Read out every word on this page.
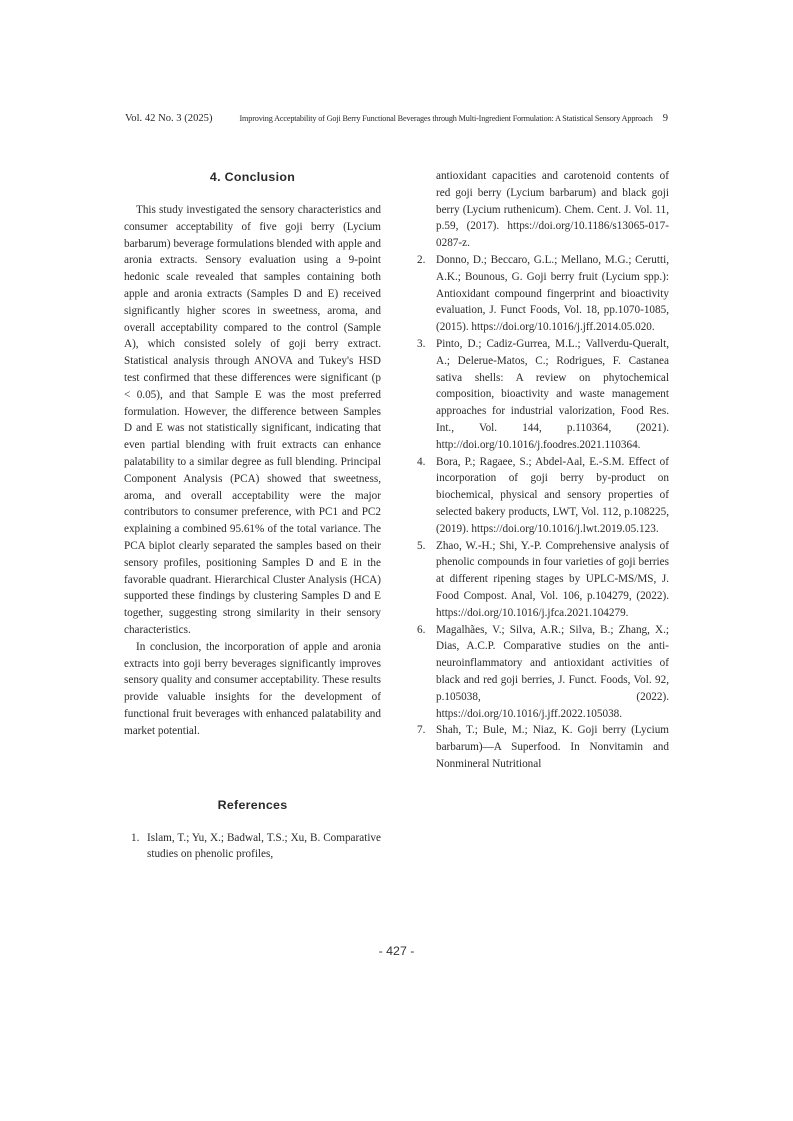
Vol. 42 No. 3 (2025)	Improving Acceptability of Goji Berry Functional Beverages through Multi-Ingredient Formulation: A Statistical Sensory Approach 9
4. Conclusion

This study investigated the sensory characteristics and consumer acceptability of five goji berry (Lycium barbarum) beverage formulations blended with apple and aronia extracts. Sensory evaluation using a 9-point hedonic scale revealed that samples containing both apple and aronia extracts (Samples D and E) received significantly higher scores in sweetness, aroma, and overall acceptability compared to the control (Sample A), which consisted solely of goji berry extract. Statistical analysis through ANOVA and Tukey's HSD test confirmed that these differences were significant (p < 0.05), and that Sample E was the most preferred formulation. However, the difference between Samples D and E was not statistically significant, indicating that even partial blending with fruit extracts can enhance palatability to a similar degree as full blending. Principal Component Analysis (PCA) showed that sweetness, aroma, and overall acceptability were the major contributors to consumer preference, with PC1 and PC2 explaining a combined 95.61% of the total variance. The PCA biplot clearly separated the samples based on their sensory profiles, positioning Samples D and E in the favorable quadrant. Hierarchical Cluster Analysis (HCA) supported these findings by clustering Samples D and E together, suggesting strong similarity in their sensory characteristics.

In conclusion, the incorporation of apple and aronia extracts into goji berry beverages significantly improves sensory quality and consumer acceptability. These results provide valuable insights for the development of functional fruit beverages with enhanced palatability and market potential.

References

1. Islam, T.; Yu, X.; Badwal, T.S.; Xu, B. Comparative studies on phenolic profiles,

antioxidant capacities and carotenoid contents of red goji berry (Lycium barbarum) and black goji berry (Lycium ruthenicum). Chem. Cent. J. Vol. 11, p.59, (2017). https://doi.org/10.1186/s13065-017-0287-z.

2. Donno, D.; Beccaro, G.L.; Mellano, M.G.; Cerutti, A.K.; Bounous, G. Goji berry fruit (Lycium spp.): Antioxidant compound fingerprint and bioactivity evaluation, J. Funct Foods, Vol. 18, pp.1070-1085, (2015). https://doi.org/10.1016/j.jff.2014.05.020.

3. Pinto, D.; Cadiz-Gurrea, M.L.; Vallverdu-Queralt, A.; Delerue-Matos, C.; Rodrigues, F. Castanea sativa shells: A review on phytochemical composition, bioactivity and waste management approaches for industrial valorization, Food Res. Int., Vol. 144, p.110364, (2021). http://doi.org/10.1016/j.foodres.2021.110364.

4. Bora, P.; Ragaee, S.; Abdel-Aal, E.-S.M. Effect of incorporation of goji berry by-product on biochemical, physical and sensory properties of selected bakery products, LWT, Vol. 112, p.108225, (2019). https://doi.org/10.1016/j.lwt.2019.05.123.

5. Zhao, W.-H.; Shi, Y.-P. Comprehensive analysis of phenolic compounds in four varieties of goji berries at different ripening stages by UPLC-MS/MS, J. Food Compost. Anal, Vol. 106, p.104279, (2022). https://doi.org/10.1016/j.jfca.2021.104279.

6. Magalhães, V.; Silva, A.R.; Silva, B.; Zhang, X.; Dias, A.C.P. Comparative studies on the anti-neuroinflammatory and antioxidant activities of black and red goji berries, J. Funct. Foods, Vol. 92, p.105038, (2022). https://doi.org/10.1016/j.jff.2022.105038.

7. Shah, T.; Bule, M.; Niaz, K. Goji berry (Lycium barbarum)—A Superfood. In Nonvitamin and Nonmineral Nutritional

- 427 -
